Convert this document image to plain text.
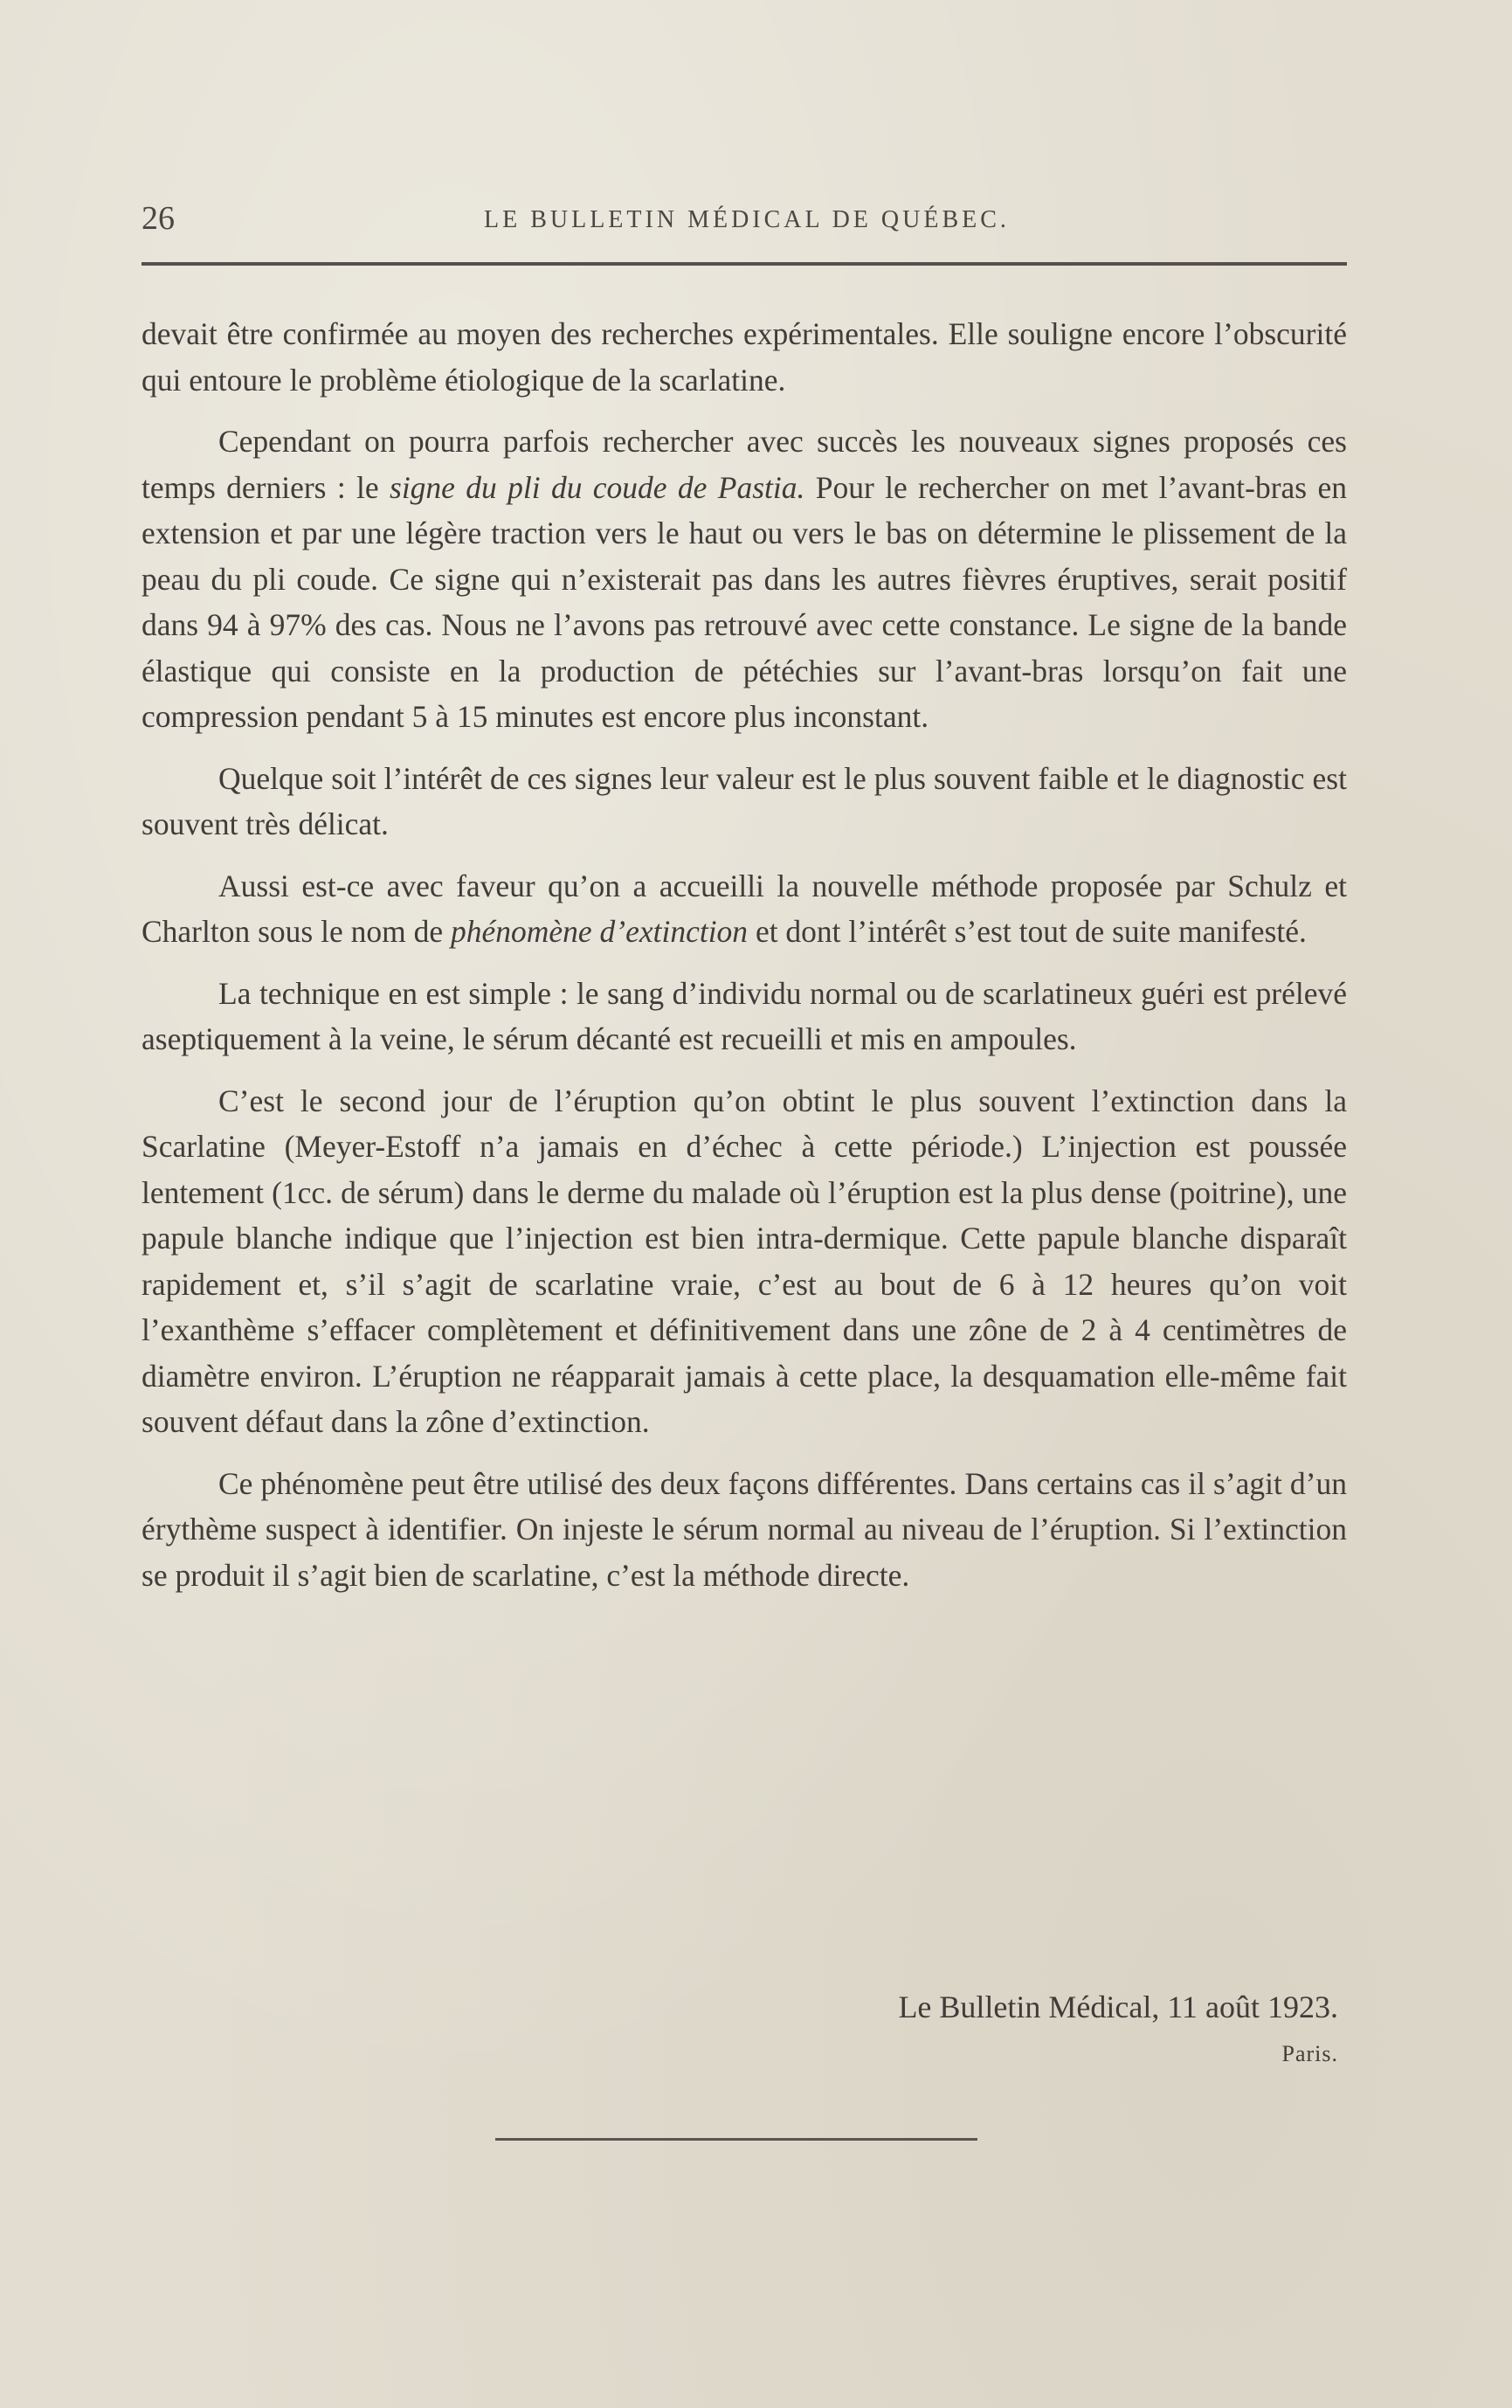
26	LE BULLETIN MÉDICAL DE QUÉBEC.

devait être confirmée au moyen des recherches expérimentales. Elle souligne encore l’obscurité qui entoure le problème étiologique de la scarlatine.

Cependant on pourra parfois rechercher avec succès les nouveaux signes proposés ces temps derniers : le signe du pli du coude de Pastia. Pour le rechercher on met l’avant-bras en extension et par une légère traction vers le haut ou vers le bas on détermine le plissement de la peau du pli coude. Ce signe qui n’existerait pas dans les autres fièvres éruptives, serait positif dans 94 à 97% des cas. Nous ne l’avons pas retrouvé avec cette constance. Le signe de la bande élastique qui consiste en la production de pétéchies sur l’avant-bras lorsqu’on fait une compression pendant 5 à 15 minutes est encore plus inconstant.

Quelque soit l’intérêt de ces signes leur valeur est le plus souvent faible et le diagnostic est souvent très délicat.

Aussi est-ce avec faveur qu’on a accueilli la nouvelle méthode proposée par Schulz et Charlton sous le nom de phénomène d’extinction et dont l’intérêt s’est tout de suite manifesté.

La technique en est simple : le sang d’individu normal ou de scarlatineux guéri est prélevé aseptiquement à la veine, le sérum décanté est recueilli et mis en ampoules.

C’est le second jour de l’éruption qu’on obtint le plus souvent l’extinction dans la Scarlatine (Meyer-Estoff n’a jamais en d’échec à cette période.) L’injection est poussée lentement (1cc. de sérum) dans le derme du malade où l’éruption est la plus dense (poitrine), une papule blanche indique que l’injection est bien intra-dermique. Cette papule blanche disparaît rapidement et, s’il s’agit de scarlatine vraie, c’est au bout de 6 à 12 heures qu’on voit l’exanthème s’effacer complètement et définitivement dans une zône de 2 à 4 centimètres de diamètre environ. L’éruption ne réapparait jamais à cette place, la desquamation elle-même fait souvent défaut dans la zône d’extinction.

Ce phénomène peut être utilisé des deux façons différentes. Dans certains cas il s’agit d’un érythème suspect à identifier. On injeste le sérum normal au niveau de l’éruption. Si l’extinction se produit il s’agit bien de scarlatine, c’est la méthode directe.

Le Bulletin Médical, 11 août 1923.
Paris.
